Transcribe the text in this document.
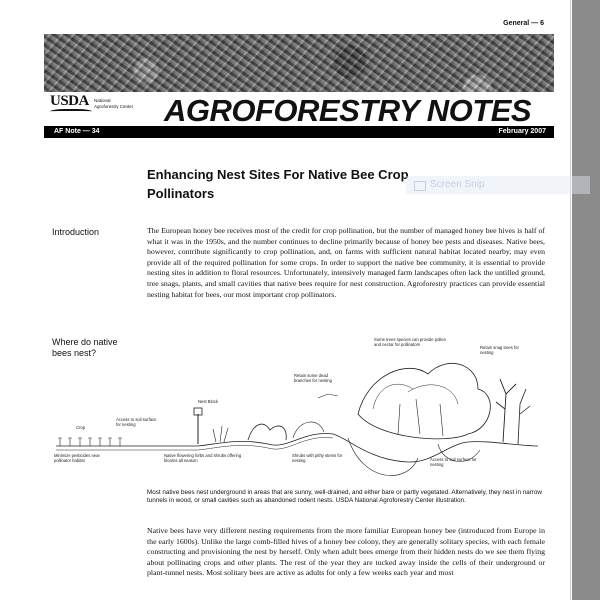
General — 6
USDA National Agroforestry Center AGROFORESTRY NOTES
AF Note — 34	February 2007
Enhancing Nest Sites For Native Bee Crop Pollinators
Screen Snip
Introduction	The European honey bee receives most of the credit for crop pollination, but the number of managed honey bee hives is half of what it was in the 1950s, and the number continues to decline primarily because of honey bee pests and diseases. Native bees, however, contribute significantly to crop pollination, and, on farms with sufficient natural habitat located nearby, may even provide all of the required pollination for some crops. In order to support the native bee community, it is essential to provide nesting sites in addition to floral resources. Unfortunately, intensively managed farm landscapes often lack the untilled ground, tree snags, plants, and small cavities that native bees require for nest construction. Agroforestry practices can provide essential nesting habitat for bees, our most important crop pollinators.
Where do native bees nest?
Crop
Minimize pesticides near pollinator habitat
Access to soil surface for nesting
Nest Block
Native flowering forbs and shrubs offering blooms all season
Retain some dead branches for nesting
Shrubs with pithy stems for nesting
Some trees species can provide pollen and nectar for pollinators
Retain snag trees for nesting
Access to soil surface for nesting
Most native bees nest underground in areas that are sunny, well-drained, and either bare or partly vegetated. Alternatively, they nest in narrow tunnels in wood, or small cavities such as abandoned rodent nests. USDA National Agroforestry Center illustration.
Native bees have very different nesting requirements from the more familiar European honey bee (introduced from Europe in the early 1600s). Unlike the large comb-filled hives of a honey bee colony, they are generally solitary species, with each female constructing and provisioning the nest by herself. Only when adult bees emerge from their hidden nests do we see them flying about pollinating crops and other plants. The rest of the year they are tucked away inside the cells of their underground or plant-tunnel nests. Most solitary bees are active as adults for only a few weeks each year and most
